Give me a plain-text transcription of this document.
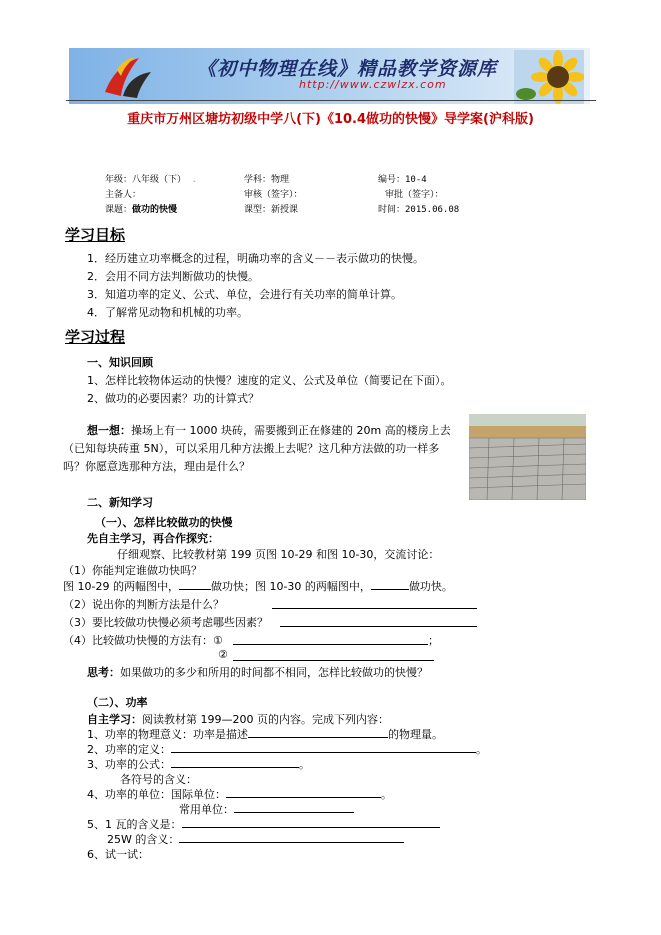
《初中物理在线》精品教学资源库
http://www.czwlzx.com
重庆市万州区塘坊初级中学八(下)《10.4做功的快慢》导学案(沪科版)
年级：八年级（下） .	学科：物理	编号：10-4
主备人：	审核（签字）：	审批（签字）：
课题：做功的快慢	课型：新授课	时间：2015.06.08
学习目标
1．经历建立功率概念的过程，明确功率的含义－－表示做功的快慢。
2．会用不同方法判断做功的快慢。
3．知道功率的定义、公式、单位，会进行有关功率的简单计算。
4．了解常见动物和机械的功率。
学习过程
一、知识回顾
1、怎样比较物体运动的快慢？速度的定义、公式及单位（简要记在下面）。
2、做功的必要因素？功的计算式？
想一想：操场上有一 1000 块砖，需要搬到正在修建的 20m 高的楼房上去
（已知每块砖重 5N），可以采用几种方法搬上去呢？这几种方法做的功一样多
吗？你愿意选那种方法，理由是什么？
二、新知学习
（一）、怎样比较做功的快慢
先自主学习，再合作探究：
仔细观察、比较教材第 199 页图 10-29 和图 10-30，交流讨论：
（1）你能判定谁做功快吗？
图 10-29 的两幅图中，	做功快；图 10-30 的两幅图中，	做功快。
（2）说出你的判断方法是什么？
（3）要比较做功快慢必须考虑哪些因素？
（4）比较做功快慢的方法有：①	；
②
思考：如果做功的多少和所用的时间都不相同，怎样比较做功的快慢？
（二）、功率
自主学习：阅读教材第 199—200 页的内容。完成下列内容：
1、功率的物理意义：功率是描述	的物理量。
2、功率的定义：	。
3、功率的公式：	。
各符号的含义：
4、功率的单位：国际单位：	。
常用单位：
5、1 瓦的含义是：
25W 的含义：
6、试一试：
